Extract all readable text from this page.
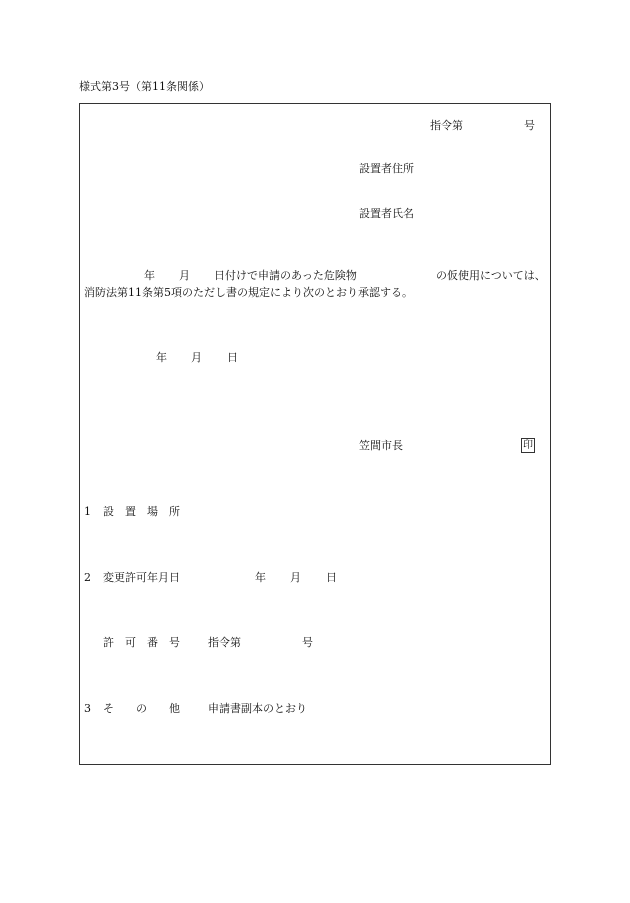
様式第3号（第11条関係）
指令第	号
設置者住所
設置者氏名
年 月 日付けで申請のあった危険物	の仮使用については、
消防法第11条第5項のただし書の規定により次のとおり承認する。
年 月 日
笠間市長	印
1 設　置　場　所
2 変更許可年月日	年 月 日
許　可　番　号	指令第	号
3 そ　　の　　他	申請書副本のとおり
